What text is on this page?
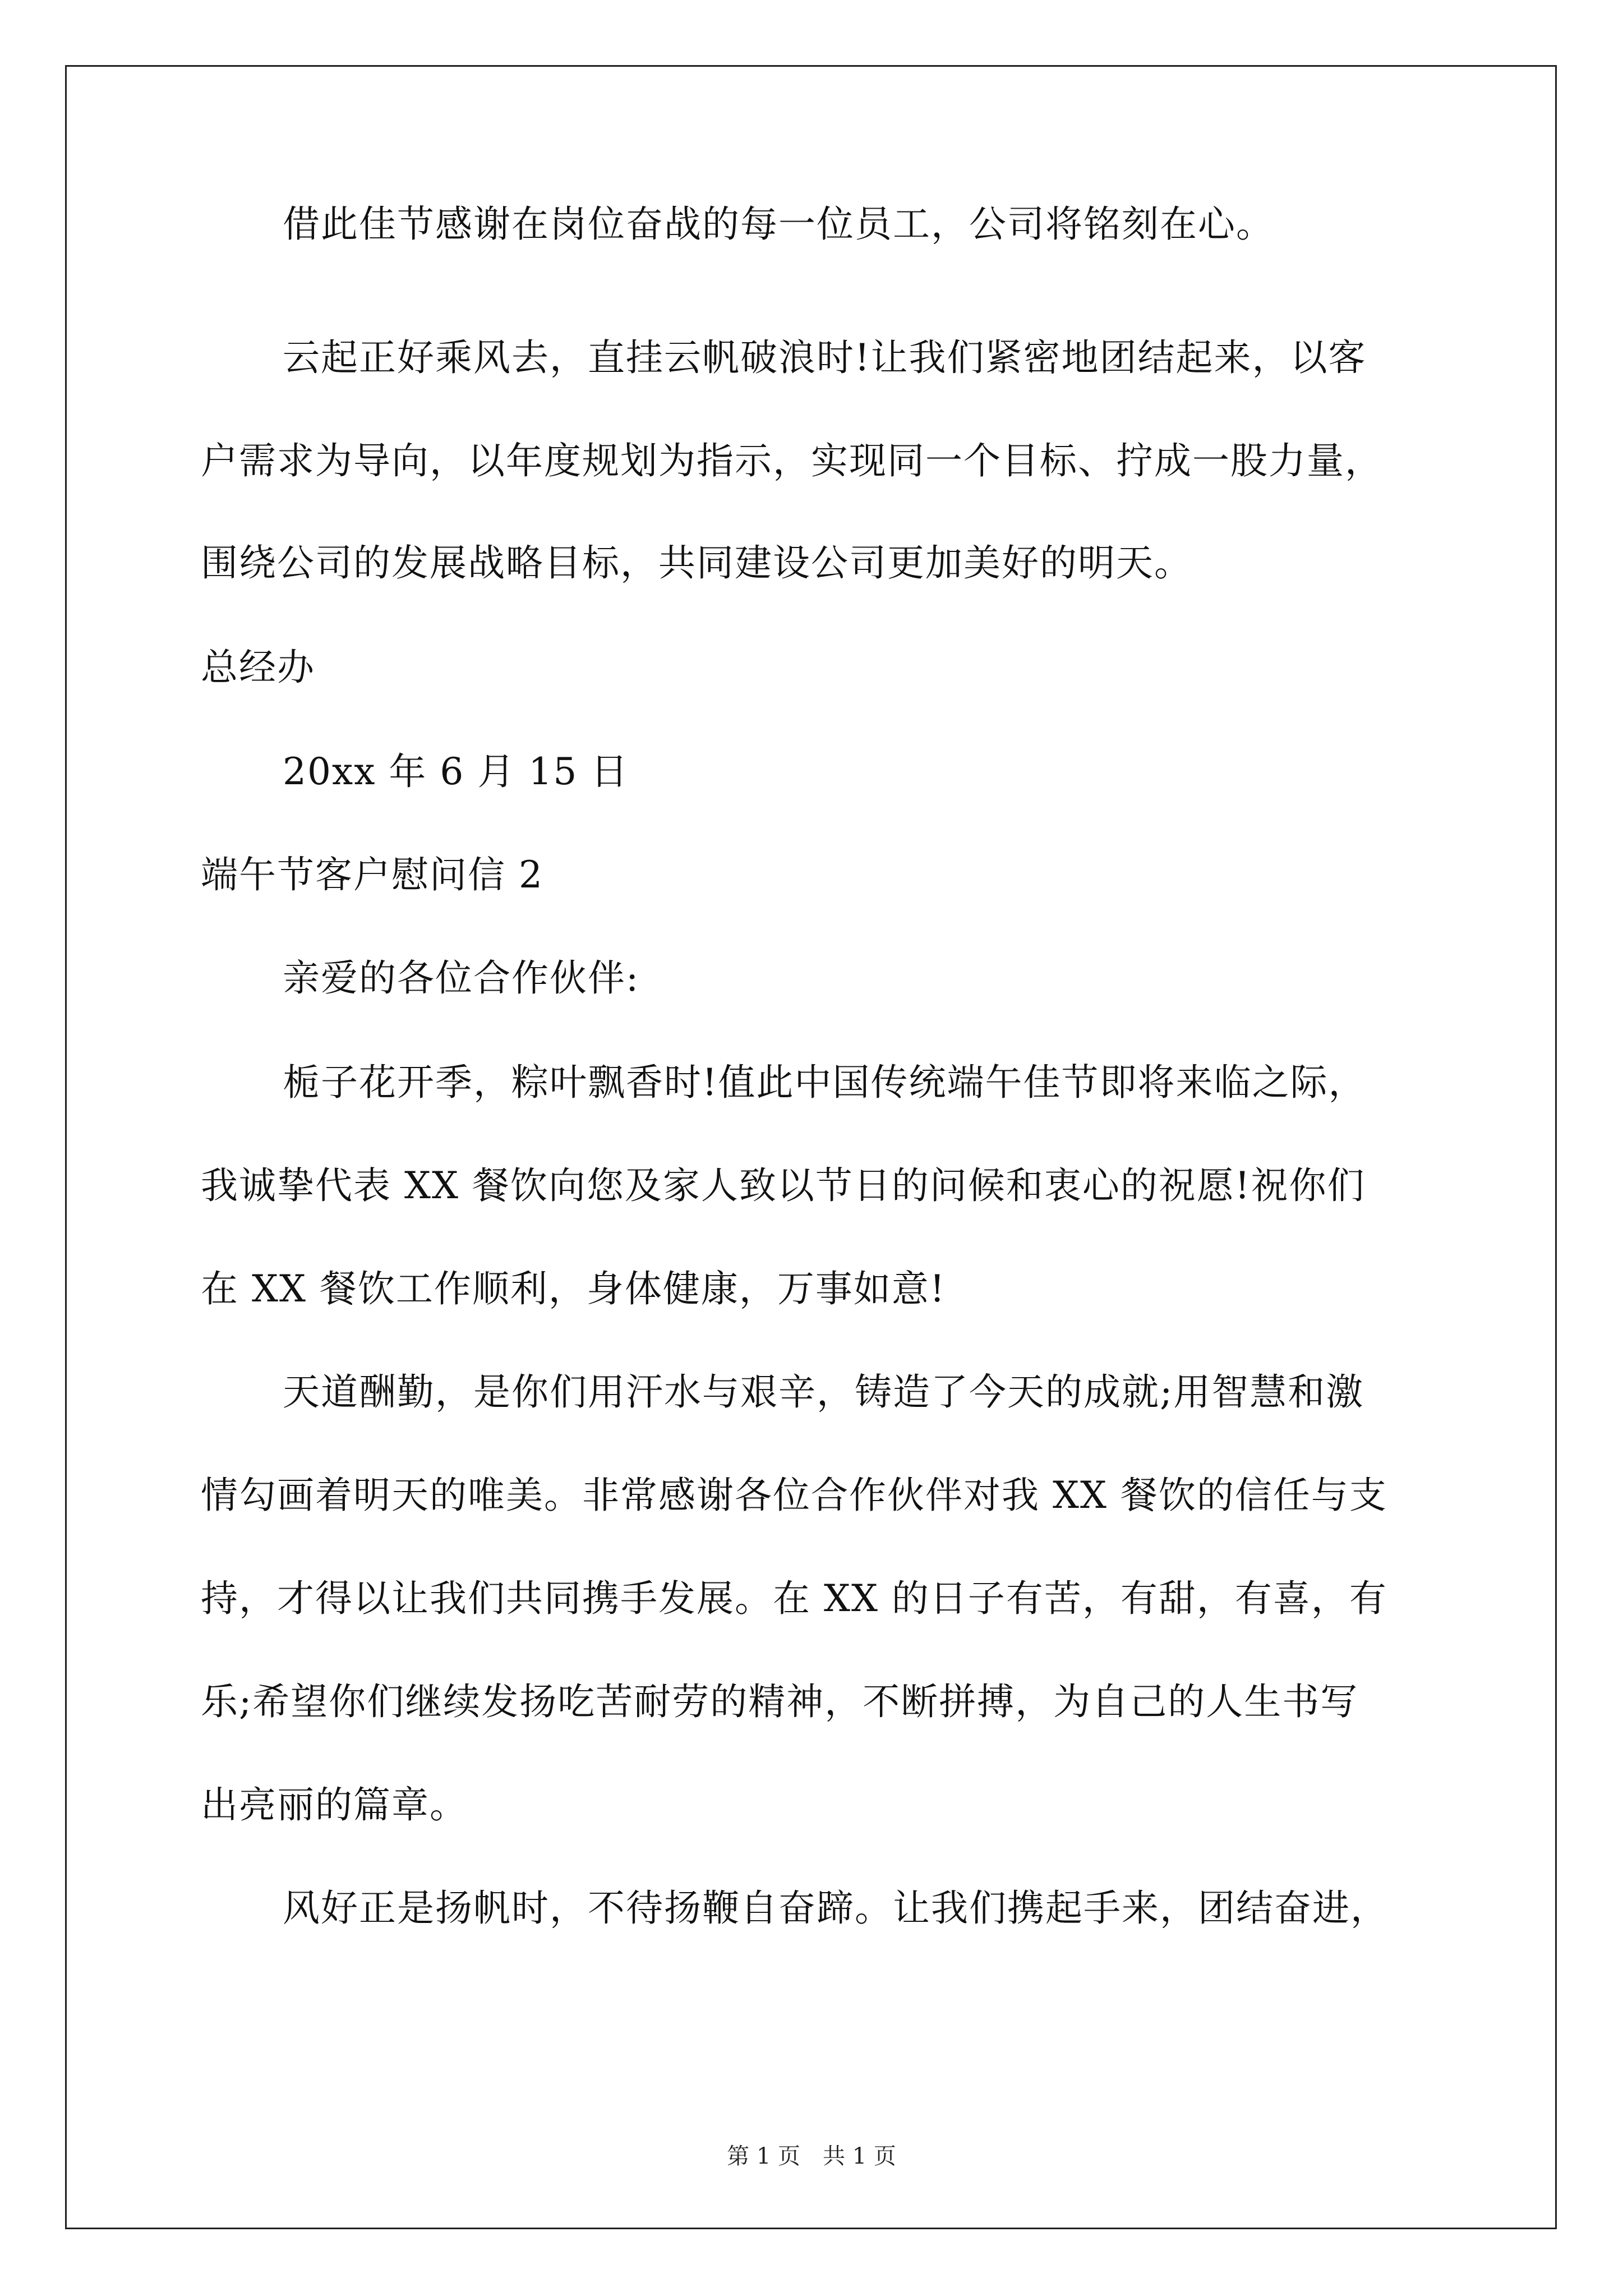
借此佳节感谢在岗位奋战的每一位员工，公司将铭刻在心。
云起正好乘风去，直挂云帆破浪时!让我们紧密地团结起来，以客
户需求为导向，以年度规划为指示，实现同一个目标、拧成一股力量，
围绕公司的发展战略目标，共同建设公司更加美好的明天。
总经办
20xx 年 6 月 15 日
端午节客户慰问信 2
亲爱的各位合作伙伴:
栀子花开季，粽叶飘香时!值此中国传统端午佳节即将来临之际，
我诚挚代表 XX 餐饮向您及家人致以节日的问候和衷心的祝愿!祝你们
在 XX 餐饮工作顺利，身体健康，万事如意!
天道酬勤，是你们用汗水与艰辛，铸造了今天的成就;用智慧和激
情勾画着明天的唯美。非常感谢各位合作伙伴对我 XX 餐饮的信任与支
持，才得以让我们共同携手发展。在 XX 的日子有苦，有甜，有喜，有
乐;希望你们继续发扬吃苦耐劳的精神，不断拼搏，为自己的人生书写
出亮丽的篇章。
风好正是扬帆时，不待扬鞭自奋蹄。让我们携起手来，团结奋进，
第 1 页　共 1 页
